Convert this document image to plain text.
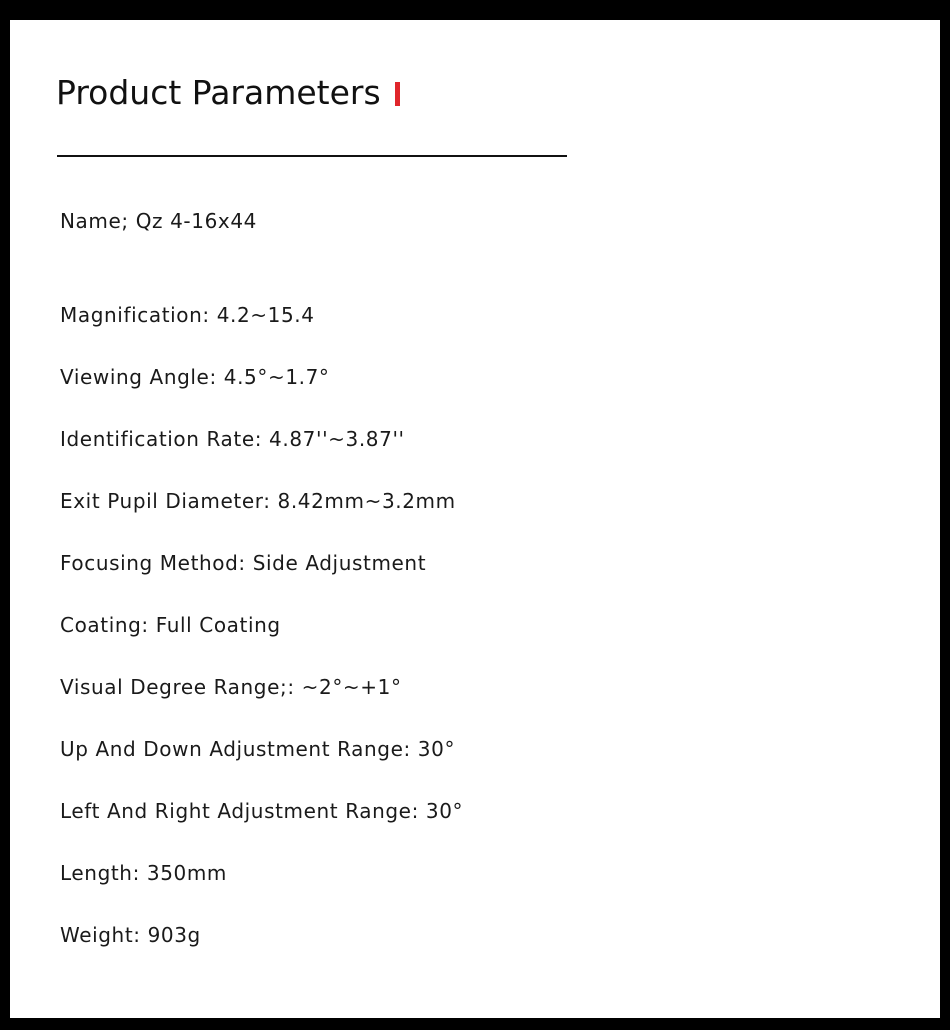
Product Parameters
Name; Qz 4-16x44
Magnification: 4.2~15.4
Viewing Angle: 4.5°~1.7°
Identification Rate: 4.87''~3.87''
Exit Pupil Diameter: 8.42mm~3.2mm
Focusing Method: Side Adjustment
Coating: Full Coating
Visual Degree Range;: ~2°~+1°
Up And Down Adjustment Range: 30°
Left And Right Adjustment Range: 30°
Length: 350mm
Weight: 903g
